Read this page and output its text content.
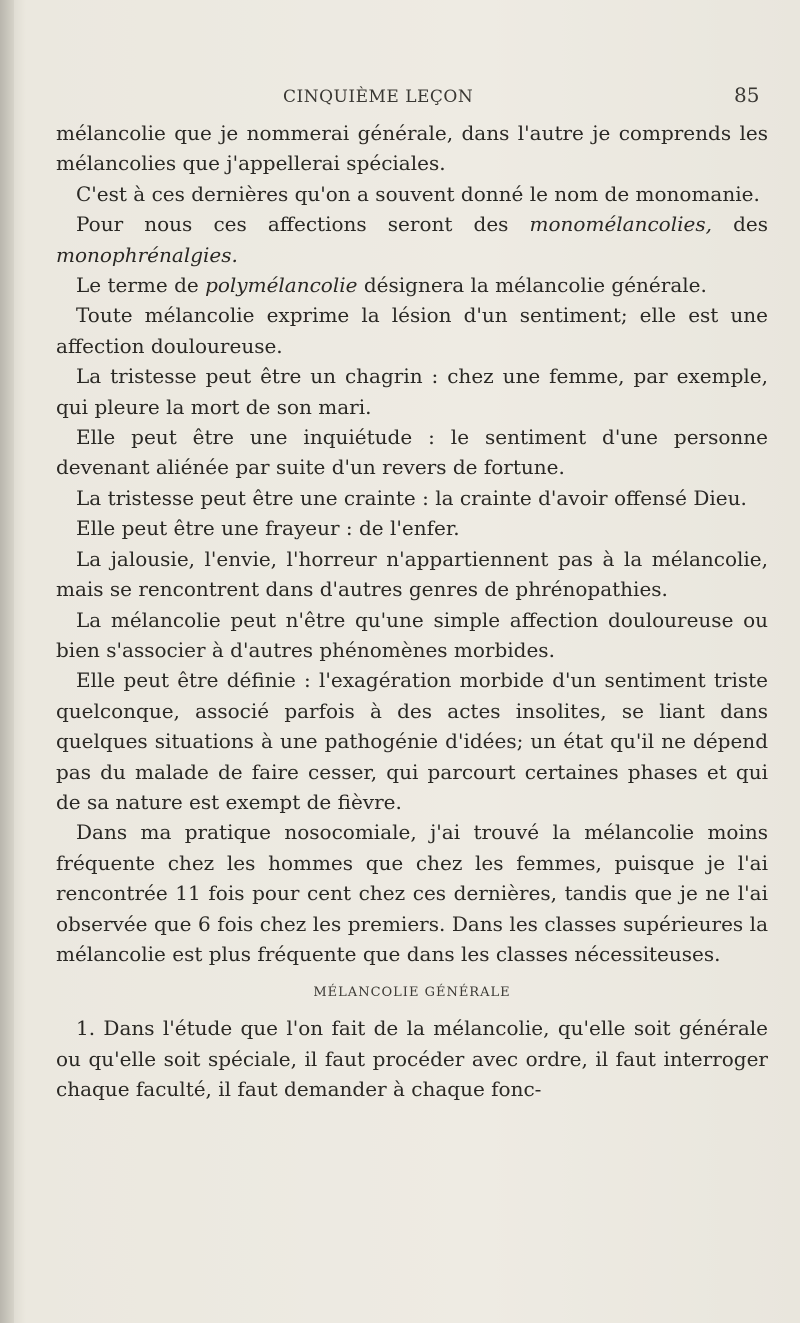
CINQUIÈME LEÇON	85

mélancolie que je nommerai générale, dans l'autre je comprends les mélancolies que j'appellerai spéciales.

C'est à ces dernières qu'on a souvent donné le nom de monomanie.

Pour nous ces affections seront des monomélancolies, des monophrénalgies.

Le terme de polymélancolie désignera la mélancolie générale.

Toute mélancolie exprime la lésion d'un sentiment; elle est une affection douloureuse.

La tristesse peut être un chagrin : chez une femme, par exemple, qui pleure la mort de son mari.

Elle peut être une inquiétude : le sentiment d'une personne devenant aliénée par suite d'un revers de fortune.

La tristesse peut être une crainte : la crainte d'avoir offensé Dieu.

Elle peut être une frayeur : de l'enfer.

La jalousie, l'envie, l'horreur n'appartiennent pas à la mélancolie, mais se rencontrent dans d'autres genres de phrénopathies.

La mélancolie peut n'être qu'une simple affection douloureuse ou bien s'associer à d'autres phénomènes morbides.

Elle peut être définie : l'exagération morbide d'un sentiment triste quelconque, associé parfois à des actes insolites, se liant dans quelques situations à une pathogénie d'idées; un état qu'il ne dépend pas du malade de faire cesser, qui parcourt certaines phases et qui de sa nature est exempt de fièvre.

Dans ma pratique nosocomiale, j'ai trouvé la mélancolie moins fréquente chez les hommes que chez les femmes, puisque je l'ai rencontrée 11 fois pour cent chez ces dernières, tandis que je ne l'ai observée que 6 fois chez les premiers. Dans les classes supérieures la mélancolie est plus fréquente que dans les classes nécessiteuses.

MÉLANCOLIE GÉNÉRALE

1. Dans l'étude que l'on fait de la mélancolie, qu'elle soit générale ou qu'elle soit spéciale, il faut procéder avec ordre, il faut interroger chaque faculté, il faut demander à chaque fonc-
